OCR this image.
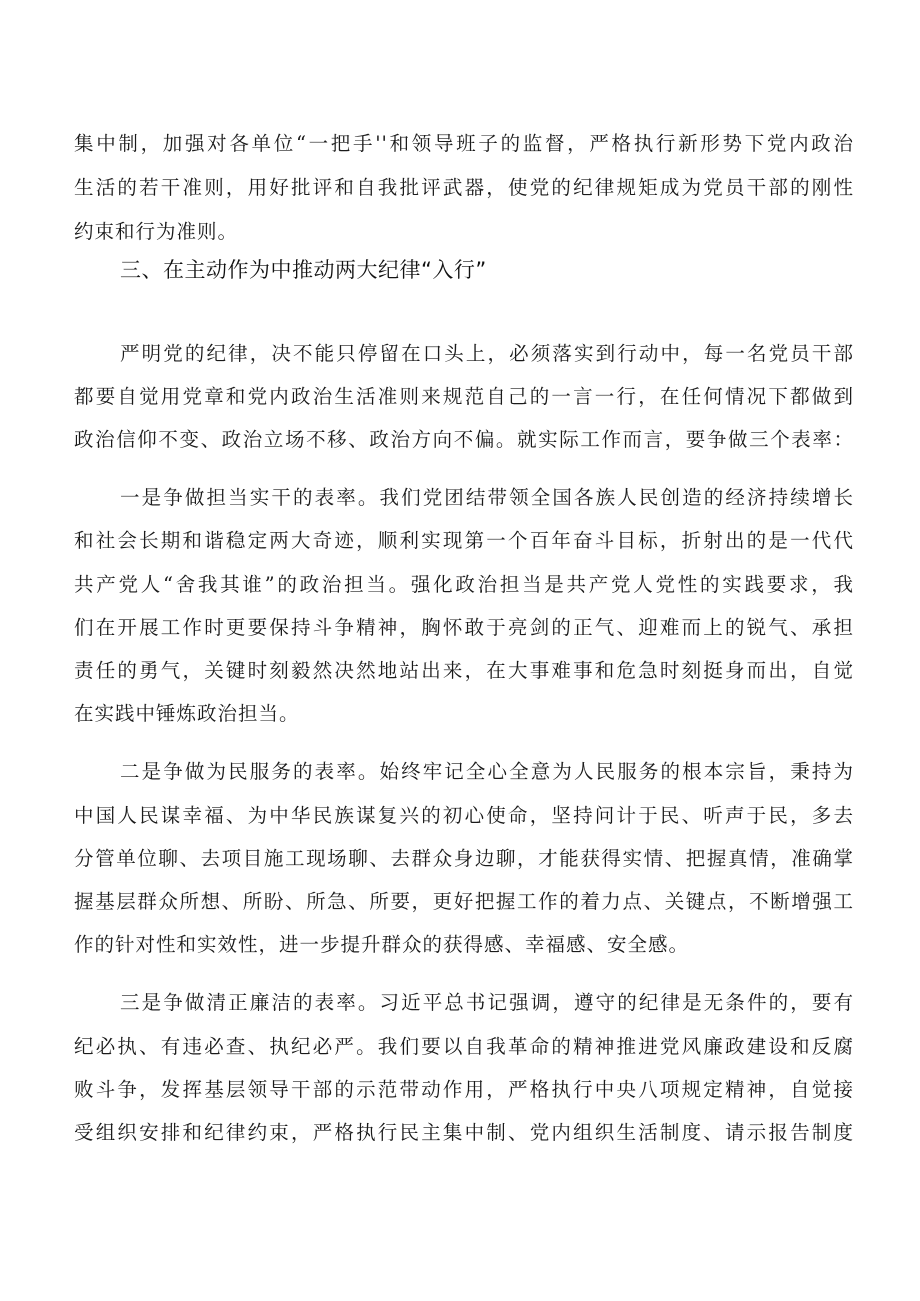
集中制，加强对各单位“一把手''和领导班子的监督，严格执行新形势下党内政治
生活的若干准则，用好批评和自我批评武器，使党的纪律规矩成为党员干部的刚性
约束和行为准则。
三、在主动作为中推动两大纪律“入行”
严明党的纪律，决不能只停留在口头上，必须落实到行动中，每一名党员干部
都要自觉用党章和党内政治生活准则来规范自己的一言一行，在任何情况下都做到
政治信仰不变、政治立场不移、政治方向不偏。就实际工作而言，要争做三个表率：
一是争做担当实干的表率。我们党团结带领全国各族人民创造的经济持续增长
和社会长期和谐稳定两大奇迹，顺利实现第一个百年奋斗目标，折射出的是一代代
共产党人“舍我其谁”的政治担当。强化政治担当是共产党人党性的实践要求，我
们在开展工作时更要保持斗争精神，胸怀敢于亮剑的正气、迎难而上的锐气、承担
责任的勇气，关键时刻毅然决然地站出来，在大事难事和危急时刻挺身而出，自觉
在实践中锤炼政治担当。
二是争做为民服务的表率。始终牢记全心全意为人民服务的根本宗旨，秉持为
中国人民谋幸福、为中华民族谋复兴的初心使命，坚持问计于民、听声于民，多去
分管单位聊、去项目施工现场聊、去群众身边聊，才能获得实情、把握真情，准确掌
握基层群众所想、所盼、所急、所要，更好把握工作的着力点、关键点，不断增强工
作的针对性和实效性，进一步提升群众的获得感、幸福感、安全感。
三是争做清正廉洁的表率。习近平总书记强调，遵守的纪律是无条件的，要有
纪必执、有违必查、执纪必严。我们要以自我革命的精神推进党风廉政建设和反腐
败斗争，发挥基层领导干部的示范带动作用，严格执行中央八项规定精神，自觉接
受组织安排和纪律约束，严格执行民主集中制、党内组织生活制度、请示报告制度
